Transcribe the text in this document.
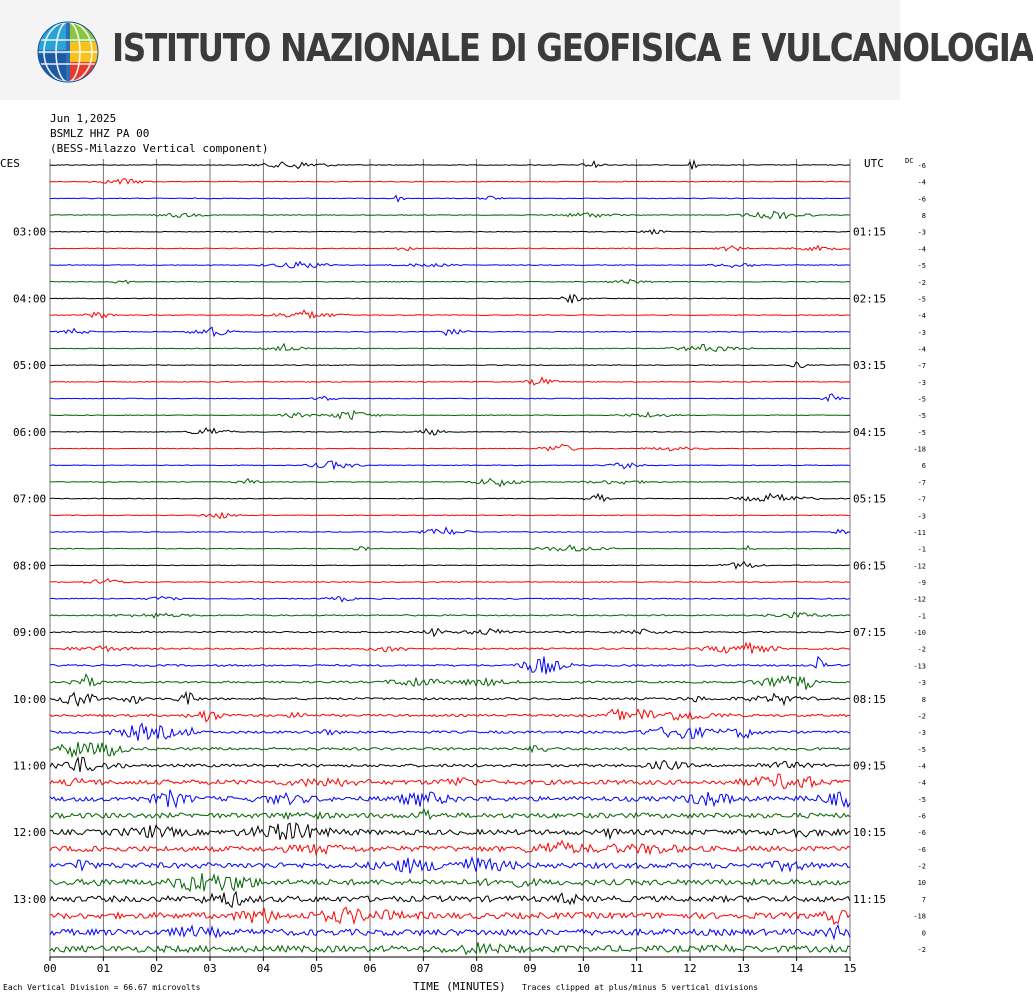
ISTITUTO NAZIONALE DI GEOFISICA E VULCANOLOGIA
Jun 1,2025
BSMLZ HHZ PA 00
(BESS-Milazzo Vertical component)
CES	UTC	DC
00	01	02	03	04	05	06	07	08	09	10	11	12	13	14	15
-6
-4
-6
8
-3
-4
-5
-2
-5
-4
-3
-4
-7
-3
-5
-5
-5
-18
6
-7
-7
-3
-11
-1
-12
-9
-12
-1
-10
-2
-13
-3
8
-2
-3
-5
-4
-4
-5
-6
-6
-6
-2
10
7
-18
0
-2
03:00
04:00
05:00
06:00
07:00
08:00
09:00
10:00
11:00
12:00
13:00
01:15
02:15
03:15
04:15
05:15
06:15
07:15
08:15
09:15
10:15
11:15
TIME (MINUTES)
Each Vertical Division = 66.67 microvolts	Traces clipped at plus/minus 5 vertical divisions
